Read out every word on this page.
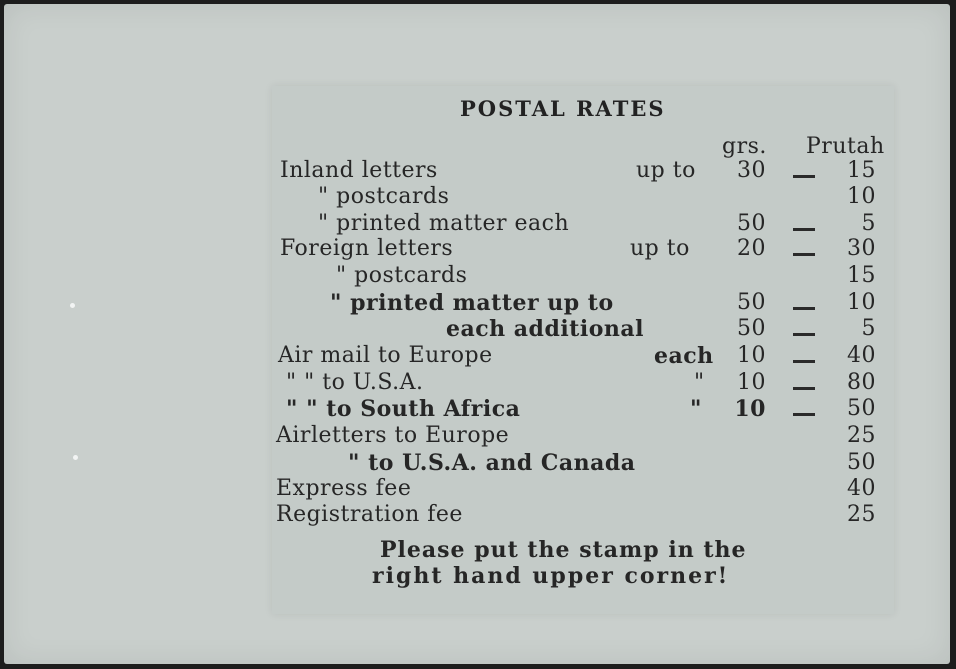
POSTAL RATES
grs. Prutah
Inland letters	up to	30	15
" postcards	10
" printed matter each	50	5
Foreign letters	up to	20	30
" postcards	15
" printed matter up to	50	10
each additional	50	5
Air mail to Europe	each	10	40
" " to U.S.A.	"	10	80
" " to South Africa	"	10	50
Airletters to Europe	25
" to U.S.A. and Canada	50
Express fee	40
Registration fee	25
Please put the stamp in the
right hand upper corner!
